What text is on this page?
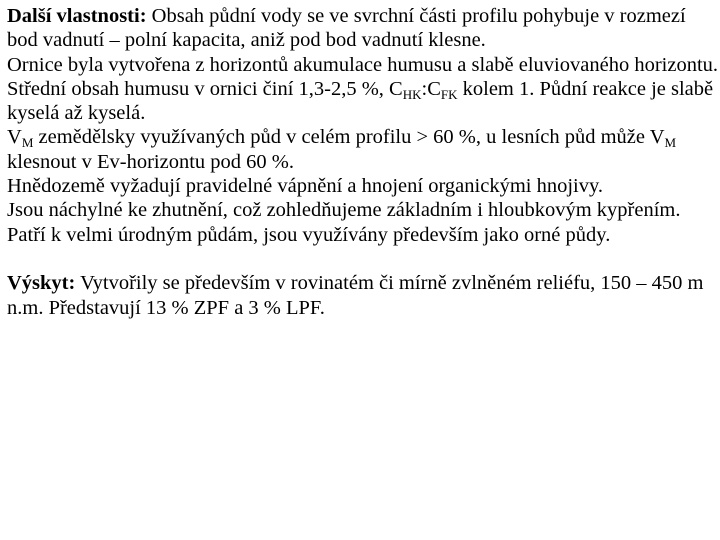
Další vlastnosti: Obsah půdní vody se ve svrchní části profilu pohybuje v rozmezí bod vadnutí – polní kapacita, aniž pod bod vadnutí klesne.

Ornice byla vytvořena z horizontů akumulace humusu a slabě eluviovaného horizontu.

Střední obsah humusu v ornici činí 1,3-2,5 %, $C_{HK}:C_{FK}$ kolem 1. Půdní reakce je slabě kyselá až kyselá.

$V_M$ zemědělsky využívaných půd v celém profilu > 60 %, u lesních půd může $V_M$ klesnout v Ev-horizontu pod 60 %.

Hnědozemě vyžadují pravidelné vápnění a hnojení organickými hnojivy.

Jsou náchylné ke zhutnění, což zohledňujeme základním i hloubkovým kypřením.

Patří k velmi úrodným půdám, jsou využívány především jako orné půdy.

Výskyt: Vytvořily se především v rovinatém či mírně zvlněném reliéfu, 150 – 450 m n.m. Představují 13 % ZPF a 3 % LPF.
